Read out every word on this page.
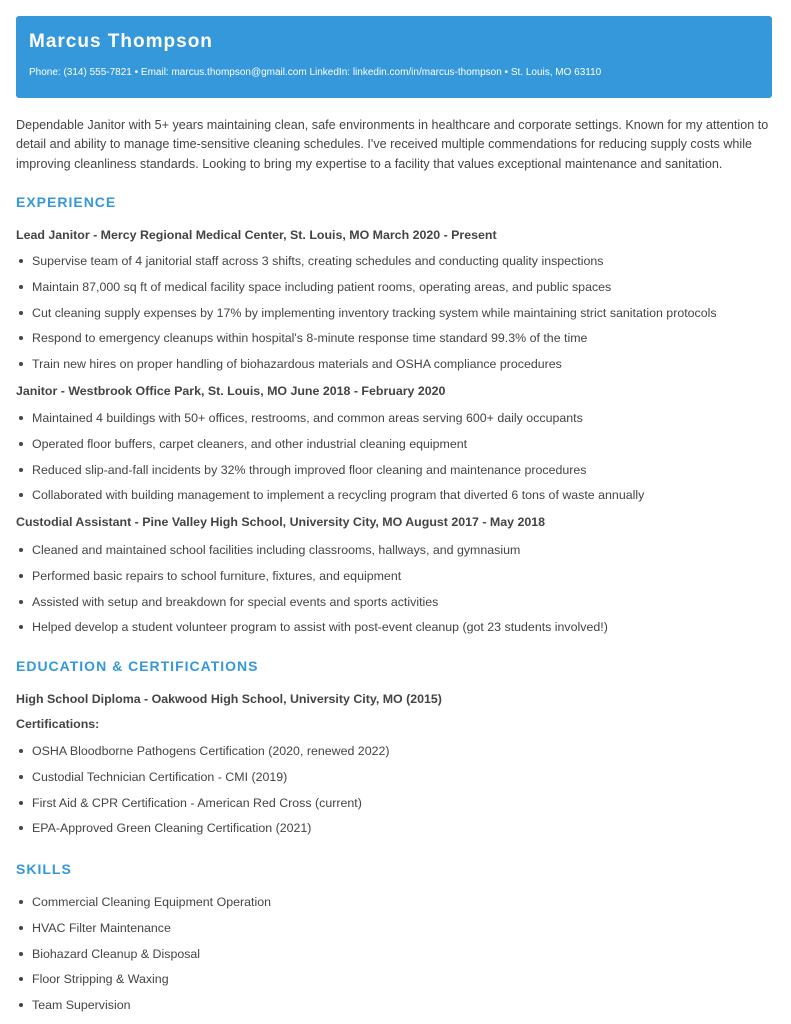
Marcus Thompson
Phone: (314) 555-7821 • Email: marcus.thompson@gmail.com LinkedIn: linkedin.com/in/marcus-thompson • St. Louis, MO 63110

Dependable Janitor with 5+ years maintaining clean, safe environments in healthcare and corporate settings. Known for my attention to detail and ability to manage time-sensitive cleaning schedules. I've received multiple commendations for reducing supply costs while improving cleanliness standards. Looking to bring my expertise to a facility that values exceptional maintenance and sanitation.

EXPERIENCE
Lead Janitor - Mercy Regional Medical Center, St. Louis, MO March 2020 - Present
Supervise team of 4 janitorial staff across 3 shifts, creating schedules and conducting quality inspections
Maintain 87,000 sq ft of medical facility space including patient rooms, operating areas, and public spaces
Cut cleaning supply expenses by 17% by implementing inventory tracking system while maintaining strict sanitation protocols
Respond to emergency cleanups within hospital's 8-minute response time standard 99.3% of the time
Train new hires on proper handling of biohazardous materials and OSHA compliance procedures
Janitor - Westbrook Office Park, St. Louis, MO June 2018 - February 2020
Maintained 4 buildings with 50+ offices, restrooms, and common areas serving 600+ daily occupants
Operated floor buffers, carpet cleaners, and other industrial cleaning equipment
Reduced slip-and-fall incidents by 32% through improved floor cleaning and maintenance procedures
Collaborated with building management to implement a recycling program that diverted 6 tons of waste annually
Custodial Assistant - Pine Valley High School, University City, MO August 2017 - May 2018
Cleaned and maintained school facilities including classrooms, hallways, and gymnasium
Performed basic repairs to school furniture, fixtures, and equipment
Assisted with setup and breakdown for special events and sports activities
Helped develop a student volunteer program to assist with post-event cleanup (got 23 students involved!)
EDUCATION & CERTIFICATIONS
High School Diploma - Oakwood High School, University City, MO (2015)
Certifications:
OSHA Bloodborne Pathogens Certification (2020, renewed 2022)
Custodial Technician Certification - CMI (2019)
First Aid & CPR Certification - American Red Cross (current)
EPA-Approved Green Cleaning Certification (2021)
SKILLS
Commercial Cleaning Equipment Operation
HVAC Filter Maintenance
Biohazard Cleanup & Disposal
Floor Stripping & Waxing
Team Supervision
